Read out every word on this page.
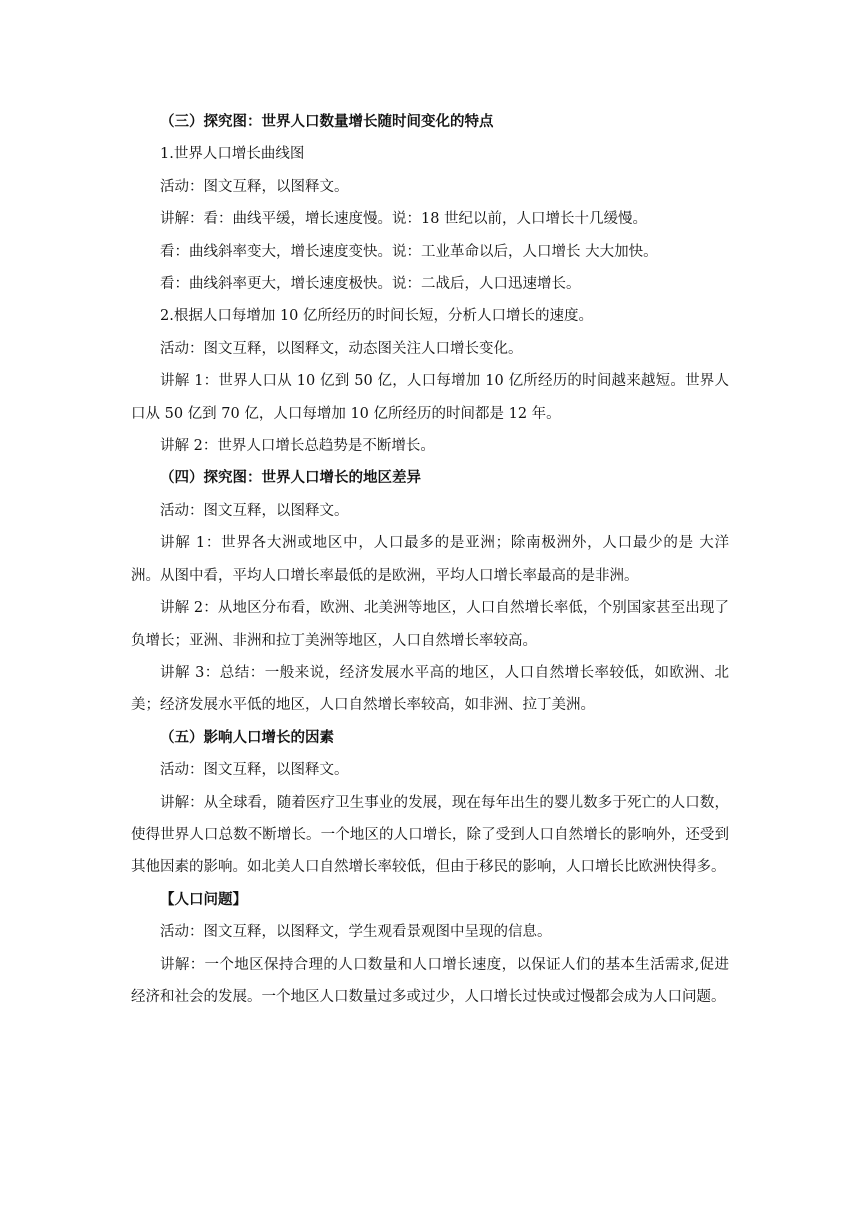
（三）探究图：世界人口数量增长随时间变化的特点

1.世界人口增长曲线图

活动：图文互释，以图释文。

讲解：看：曲线平缓，增长速度慢。说：18 世纪以前，人口增长十几缓慢。

看：曲线斜率变大，增长速度变快。说：工业革命以后，人口增长 大大加快。

看：曲线斜率更大，增长速度极快。说：二战后，人口迅速增长。

2.根据人口每增加 10 亿所经历的时间长短，分析人口增长的速度。

活动：图文互释，以图释文，动态图关注人口增长变化。

讲解 1：世界人口从 10 亿到 50 亿，人口每增加 10 亿所经历的时间越来越短。世界人口从 50 亿到 70 亿，人口每增加 10 亿所经历的时间都是 12 年。

讲解 2：世界人口增长总趋势是不断增长。

（四）探究图：世界人口增长的地区差异

活动：图文互释，以图释文。

讲解 1：世界各大洲或地区中，人口最多的是亚洲；除南极洲外，人口最少的是 大洋洲。从图中看，平均人口增长率最低的是欧洲，平均人口增长率最高的是非洲。

讲解 2：从地区分布看，欧洲、北美洲等地区，人口自然增长率低，个别国家甚至出现了负增长；亚洲、非洲和拉丁美洲等地区，人口自然增长率较高。

讲解 3：总结：一般来说，经济发展水平高的地区，人口自然增长率较低，如欧洲、北美；经济发展水平低的地区，人口自然增长率较高，如非洲、拉丁美洲。

（五）影响人口增长的因素

活动：图文互释，以图释文。

讲解：从全球看，随着医疗卫生事业的发展，现在每年出生的婴儿数多于死亡的人口数，使得世界人口总数不断增长。一个地区的人口增长，除了受到人口自然增长的影响外，还受到其他因素的影响。如北美人口自然增长率较低，但由于移民的影响，人口增长比欧洲快得多。

【人口问题】

活动：图文互释，以图释文，学生观看景观图中呈现的信息。

讲解：一个地区保持合理的人口数量和人口增长速度，以保证人们的基本生活需求,促进经济和社会的发展。一个地区人口数量过多或过少，人口增长过快或过慢都会成为人口问题。
